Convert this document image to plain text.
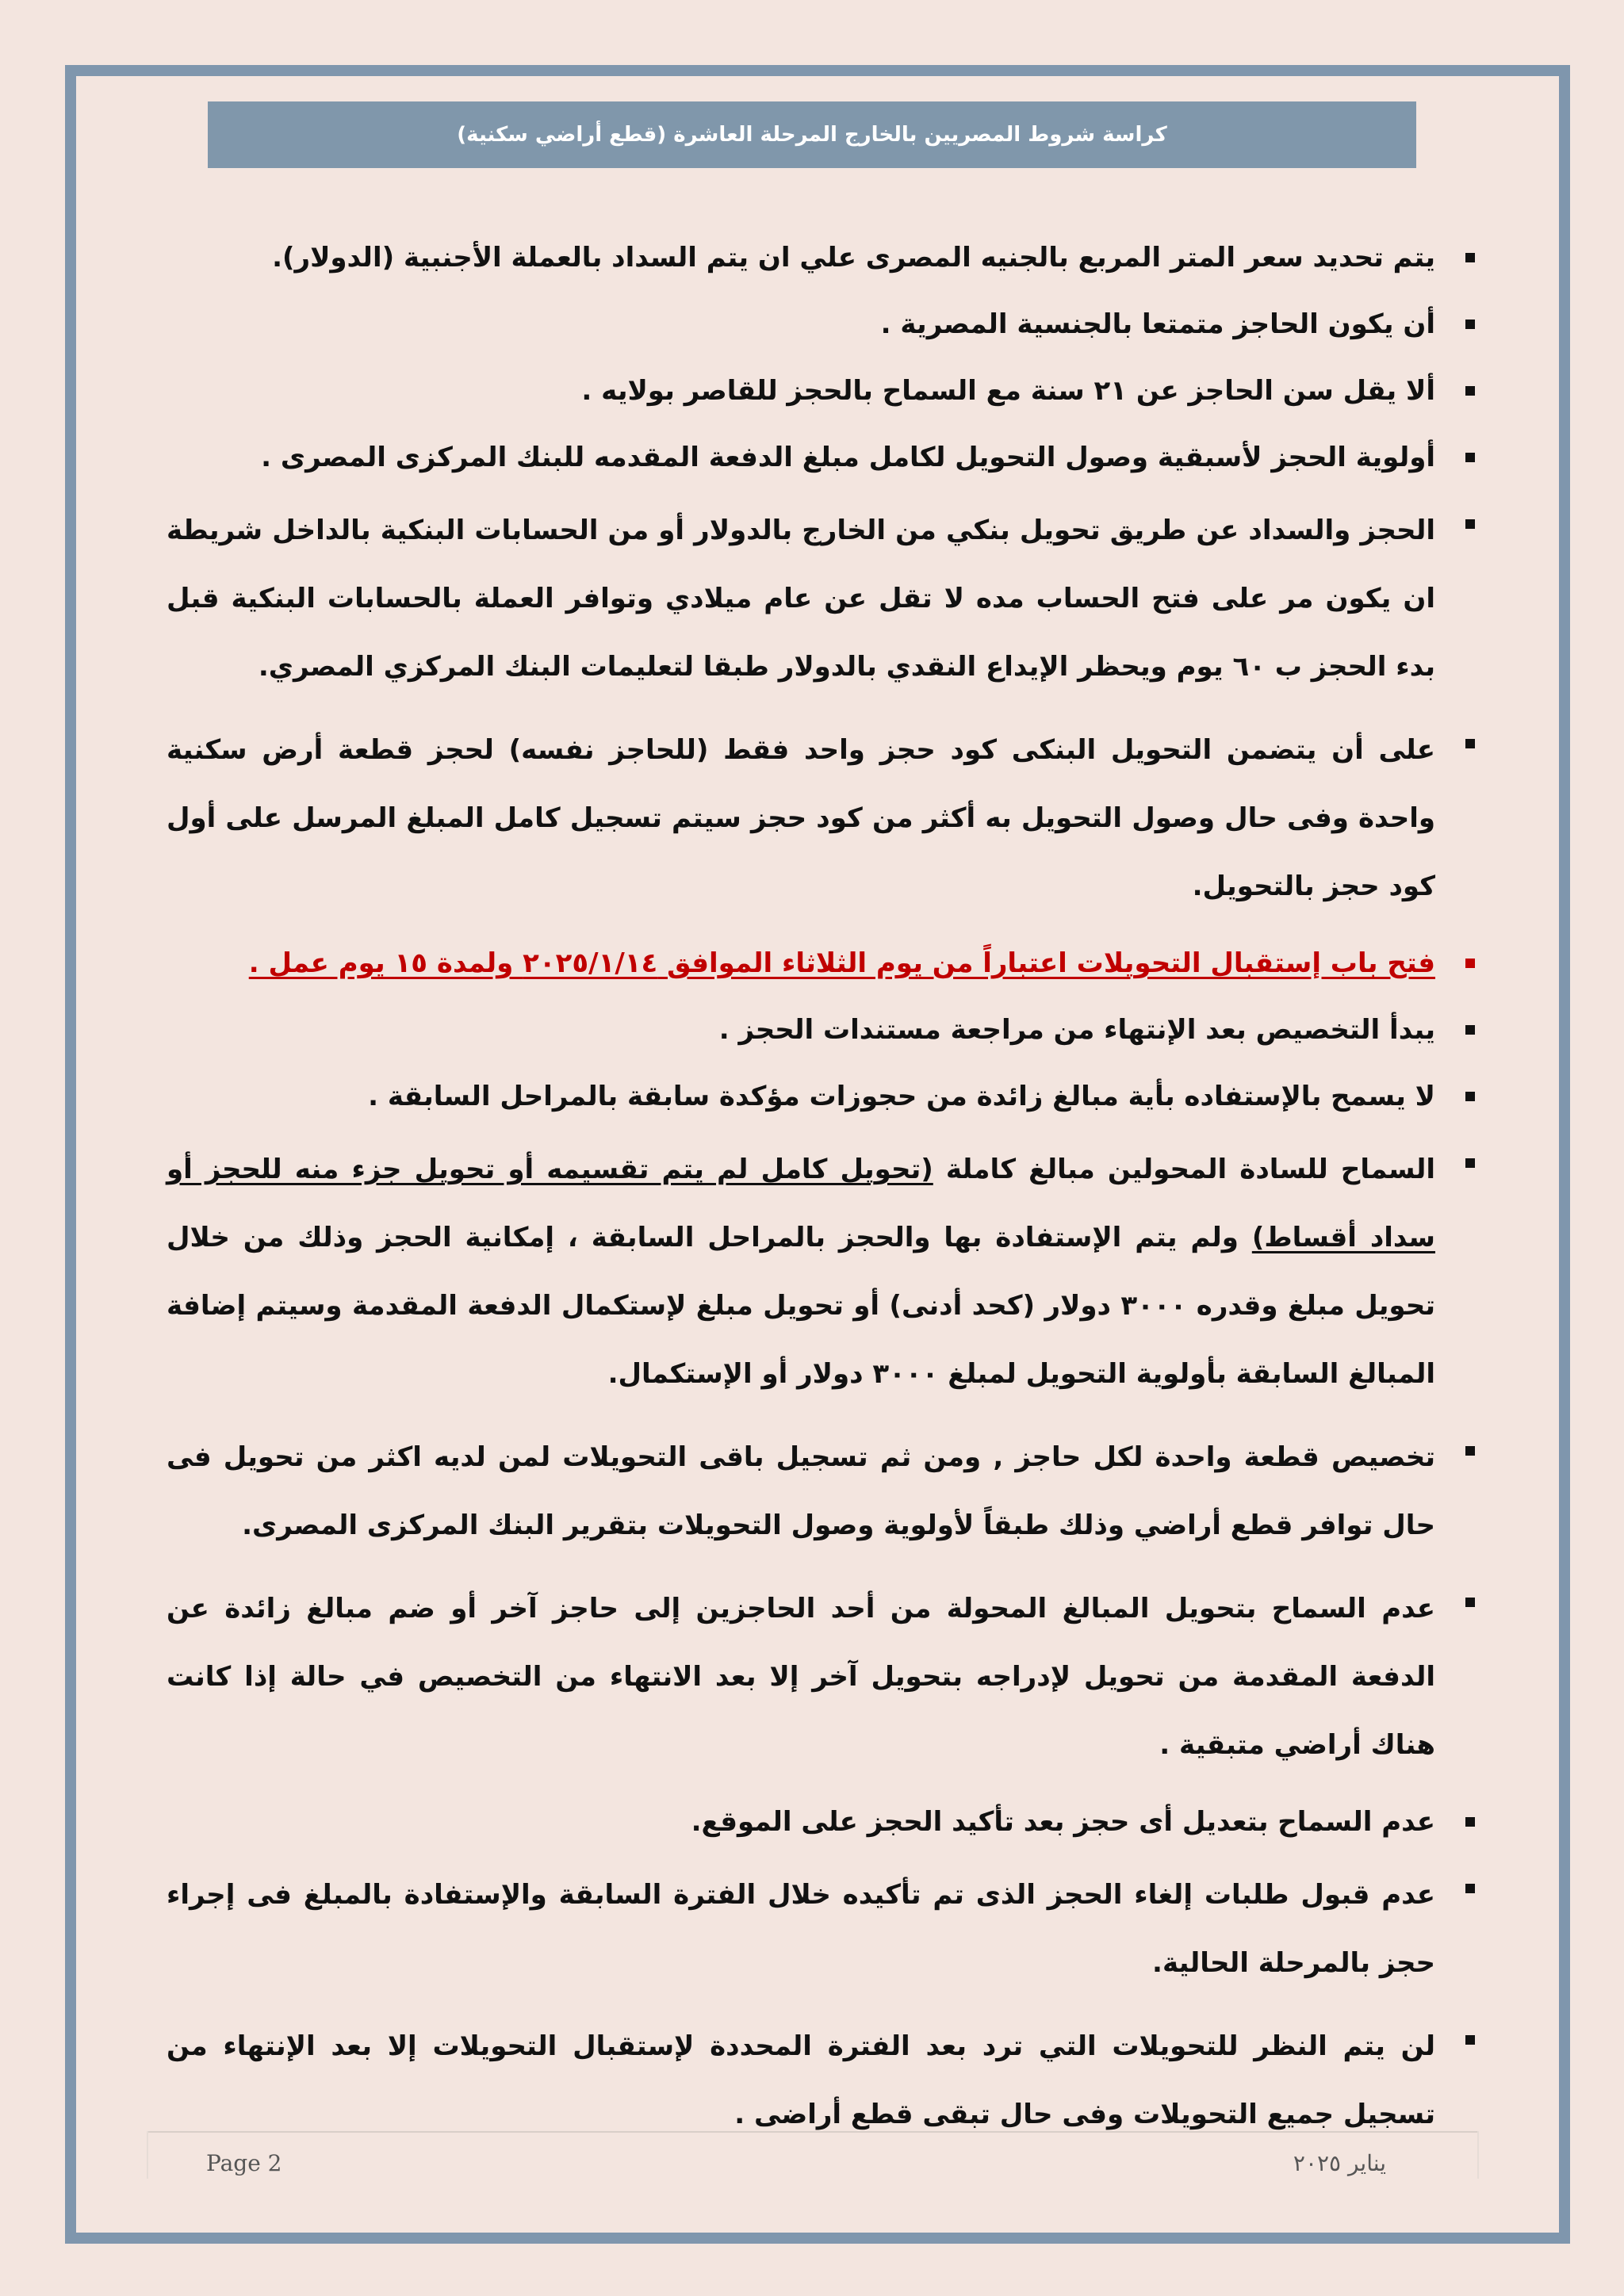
كراسة شروط المصريين بالخارج المرحلة العاشرة (قطع أراضي سكنية)
يتم تحديد سعر المتر المربع بالجنيه المصرى علي ان يتم السداد بالعملة الأجنبية (الدولار).
أن يكون الحاجز متمتعا بالجنسية المصرية .
ألا يقل سن الحاجز عن ٢١ سنة مع السماح بالحجز للقاصر بولايه .
أولوية الحجز لأسبقية وصول التحويل لكامل مبلغ الدفعة المقدمه للبنك المركزى المصرى .
الحجز والسداد عن طريق تحويل بنكي من الخارج بالدولار أو من الحسابات البنكية بالداخل شريطة ان يكون مر على فتح الحساب مده لا تقل عن عام ميلادي وتوافر العملة بالحسابات البنكية قبل بدء الحجز ب ٦٠ يوم ويحظر الإيداع النقدي بالدولار طبقا لتعليمات البنك المركزي المصري.
على أن يتضمن التحويل البنكى كود حجز واحد فقط (للحاجز نفسه) لحجز قطعة أرض سكنية واحدة وفى حال وصول التحويل به أكثر من كود حجز سيتم تسجيل كامل المبلغ المرسل على أول كود حجز بالتحويل.
فتح باب إستقبال التحويلات اعتباراً من يوم الثلاثاء الموافق ٢٠٢٥/١/١٤ ولمدة ١٥ يوم عمل .
يبدأ التخصيص بعد الإنتهاء من مراجعة مستندات الحجز .
لا يسمح بالإستفاده بأية مبالغ زائدة من حجوزات مؤكدة سابقة بالمراحل السابقة .
السماح للسادة المحولين مبالغ كاملة (تحويل كامل لم يتم تقسيمه أو تحويل جزء منه للحجز أو سداد أقساط) ولم يتم الإستفادة بها والحجز بالمراحل السابقة ، إمكانية الحجز وذلك من خلال تحويل مبلغ وقدره ٣٠٠٠ دولار (كحد أدنى) أو تحويل مبلغ لإستكمال الدفعة المقدمة وسيتم إضافة المبالغ السابقة بأولوية التحويل لمبلغ ٣٠٠٠ دولار أو الإستكمال.
تخصيص قطعة واحدة لكل حاجز , ومن ثم تسجيل باقى التحويلات لمن لديه اكثر من تحويل فى حال توافر قطع أراضي وذلك طبقاً لأولوية وصول التحويلات بتقرير البنك المركزى المصرى.
عدم السماح بتحويل المبالغ المحولة من أحد الحاجزين إلى حاجز آخر أو ضم مبالغ زائدة عن الدفعة المقدمة من تحويل لإدراجه بتحويل آخر إلا بعد الانتهاء من التخصيص في حالة إذا كانت هناك أراضي متبقية .
عدم السماح بتعديل أى حجز بعد تأكيد الحجز على الموقع.
عدم قبول طلبات إلغاء الحجز الذى تم تأكيده خلال الفترة السابقة والإستفادة بالمبلغ فى إجراء حجز بالمرحلة الحالية.
لن يتم النظر للتحويلات التي ترد بعد الفترة المحددة لإستقبال التحويلات إلا بعد الإنتهاء من تسجيل جميع التحويلات وفى حال تبقى قطع أراضى .
Page 2	يناير ٢٠٢٥
